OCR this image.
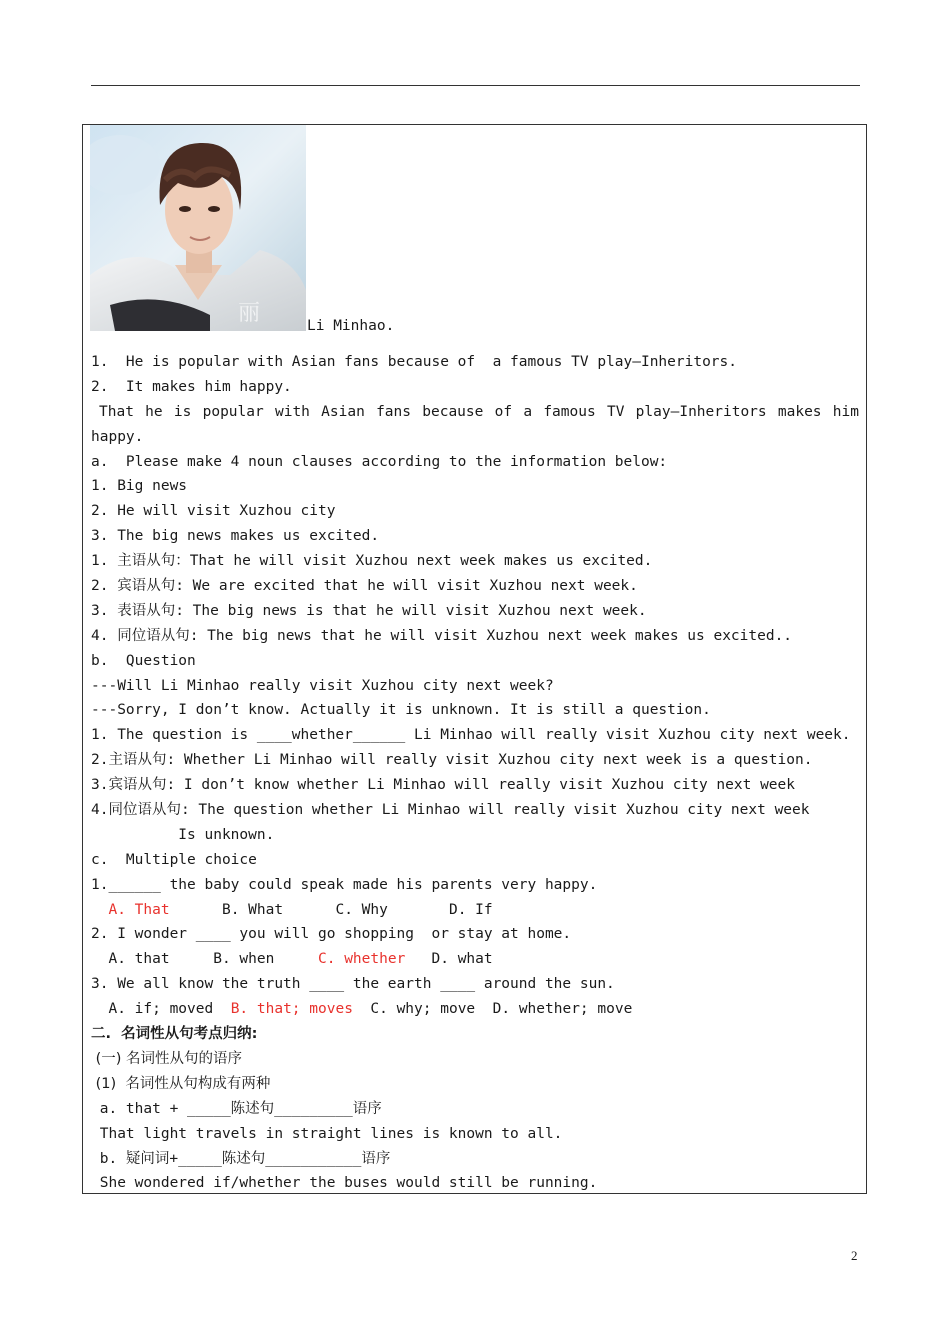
丽	Li Minhao.
1.  He is popular with Asian fans because of  a famous TV play—Inheritors.
2.  It makes him happy.
That he is popular with Asian fans because of a famous TV play—Inheritors makes him
happy.
a.  Please make 4 noun clauses according to the information below:
1. Big news
2. He will visit Xuzhou city
3. The big news makes us excited.
1. 主语从句：That he will visit Xuzhou next week makes us excited.
2. 宾语从句: We are excited that he will visit Xuzhou next week.
3. 表语从句: The big news is that he will visit Xuzhou next week.
4. 同位语从句: The big news that he will visit Xuzhou next week makes us excited..
b.  Question
---Will Li Minhao really visit Xuzhou city next week?
---Sorry, I don’t know. Actually it is unknown. It is still a question.
1. The question is ____whether______ Li Minhao will really visit Xuzhou city next week.
2.主语从句: Whether Li Minhao will really visit Xuzhou city next week is a question.
3.宾语从句: I don’t know whether Li Minhao will really visit Xuzhou city next week
4.同位语从句: The question whether Li Minhao will really visit Xuzhou city next week
Is unknown.
c.  Multiple choice
1.______ the baby could speak made his parents very happy.
A. That	B. What	C. Why	D. If
2. I wonder ____ you will go shopping  or stay at home.
A. that	B. when	C. whether D. what
3. We all know the truth ____ the earth ____ around the sun.
A. if; moved B. that; moves C. why; move D. whether; move
二.  名词性从句考点归纳:
(一) 名词性从句的语序
(1)  名词性从句构成有两种
a. that + _____陈述句_________语序
That light travels in straight lines is known to all.
b. 疑问词+_____陈述句___________语序
She wondered if/whether the buses would still be running.
2
